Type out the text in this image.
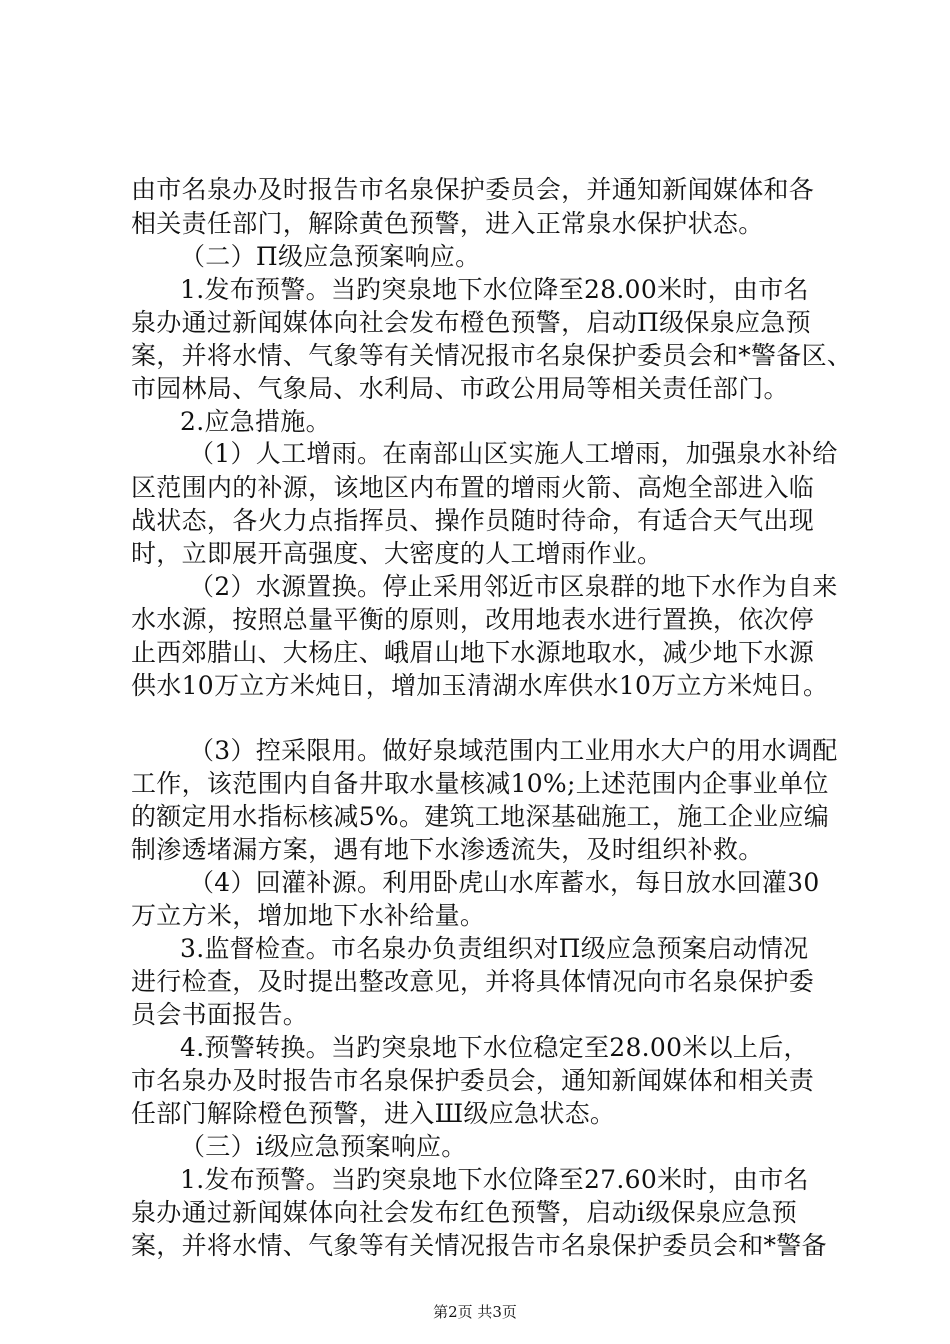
由市名泉办及时报告市名泉保护委员会，并通知新闻媒体和各
相关责任部门，解除黄色预警，进入正常泉水保护状态。
（二）Π级应急预案响应。
1.发布预警。当趵突泉地下水位降至28.00米时，由市名
泉办通过新闻媒体向社会发布橙色预警，启动Π级保泉应急预
案，并将水情、气象等有关情况报市名泉保护委员会和*警备区、
市园林局、气象局、水利局、市政公用局等相关责任部门。
2.应急措施。
（1）人工增雨。在南部山区实施人工增雨，加强泉水补给
区范围内的补源，该地区内布置的增雨火箭、高炮全部进入临
战状态，各火力点指挥员、操作员随时待命，有适合天气出现
时，立即展开高强度、大密度的人工增雨作业。
（2）水源置换。停止采用邻近市区泉群的地下水作为自来
水水源，按照总量平衡的原则，改用地表水进行置换，依次停
止西郊腊山、大杨庄、峨眉山地下水源地取水，减少地下水源
供水10万立方米炖日，增加玉清湖水库供水10万立方米炖日。
（3）控采限用。做好泉域范围内工业用水大户的用水调配
工作，该范围内自备井取水量核减10%;上述范围内企事业单位
的额定用水指标核减5%。建筑工地深基础施工，施工企业应编
制渗透堵漏方案，遇有地下水渗透流失，及时组织补救。
（4）回灌补源。利用卧虎山水库蓄水，每日放水回灌30
万立方米，增加地下水补给量。
3.监督检查。市名泉办负责组织对Π级应急预案启动情况
进行检查，及时提出整改意见，并将具体情况向市名泉保护委
员会书面报告。
4.预警转换。当趵突泉地下水位稳定至28.00米以上后，
市名泉办及时报告市名泉保护委员会，通知新闻媒体和相关责
任部门解除橙色预警，进入Ш级应急状态。
（三）i级应急预案响应。
1.发布预警。当趵突泉地下水位降至27.60米时，由市名
泉办通过新闻媒体向社会发布红色预警，启动i级保泉应急预
案，并将水情、气象等有关情况报告市名泉保护委员会和*警备
第2页 共3页
